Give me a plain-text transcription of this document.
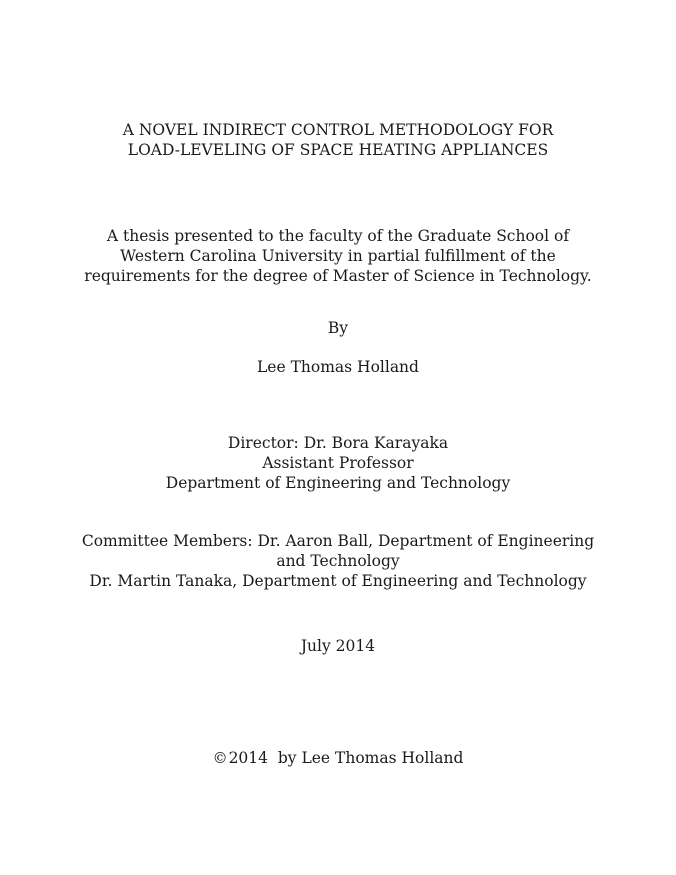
A NOVEL INDIRECT CONTROL METHODOLOGY FOR
LOAD-LEVELING OF SPACE HEATING APPLIANCES
A thesis presented to the faculty of the Graduate School of
Western Carolina University in partial fulfillment of the
requirements for the degree of Master of Science in Technology.
By
Lee Thomas Holland
Director: Dr. Bora Karayaka
Assistant Professor
Department of Engineering and Technology
Committee Members: Dr. Aaron Ball, Department of Engineering
and Technology
Dr. Martin Tanaka, Department of Engineering and Technology
July 2014
©2014  by Lee Thomas Holland
